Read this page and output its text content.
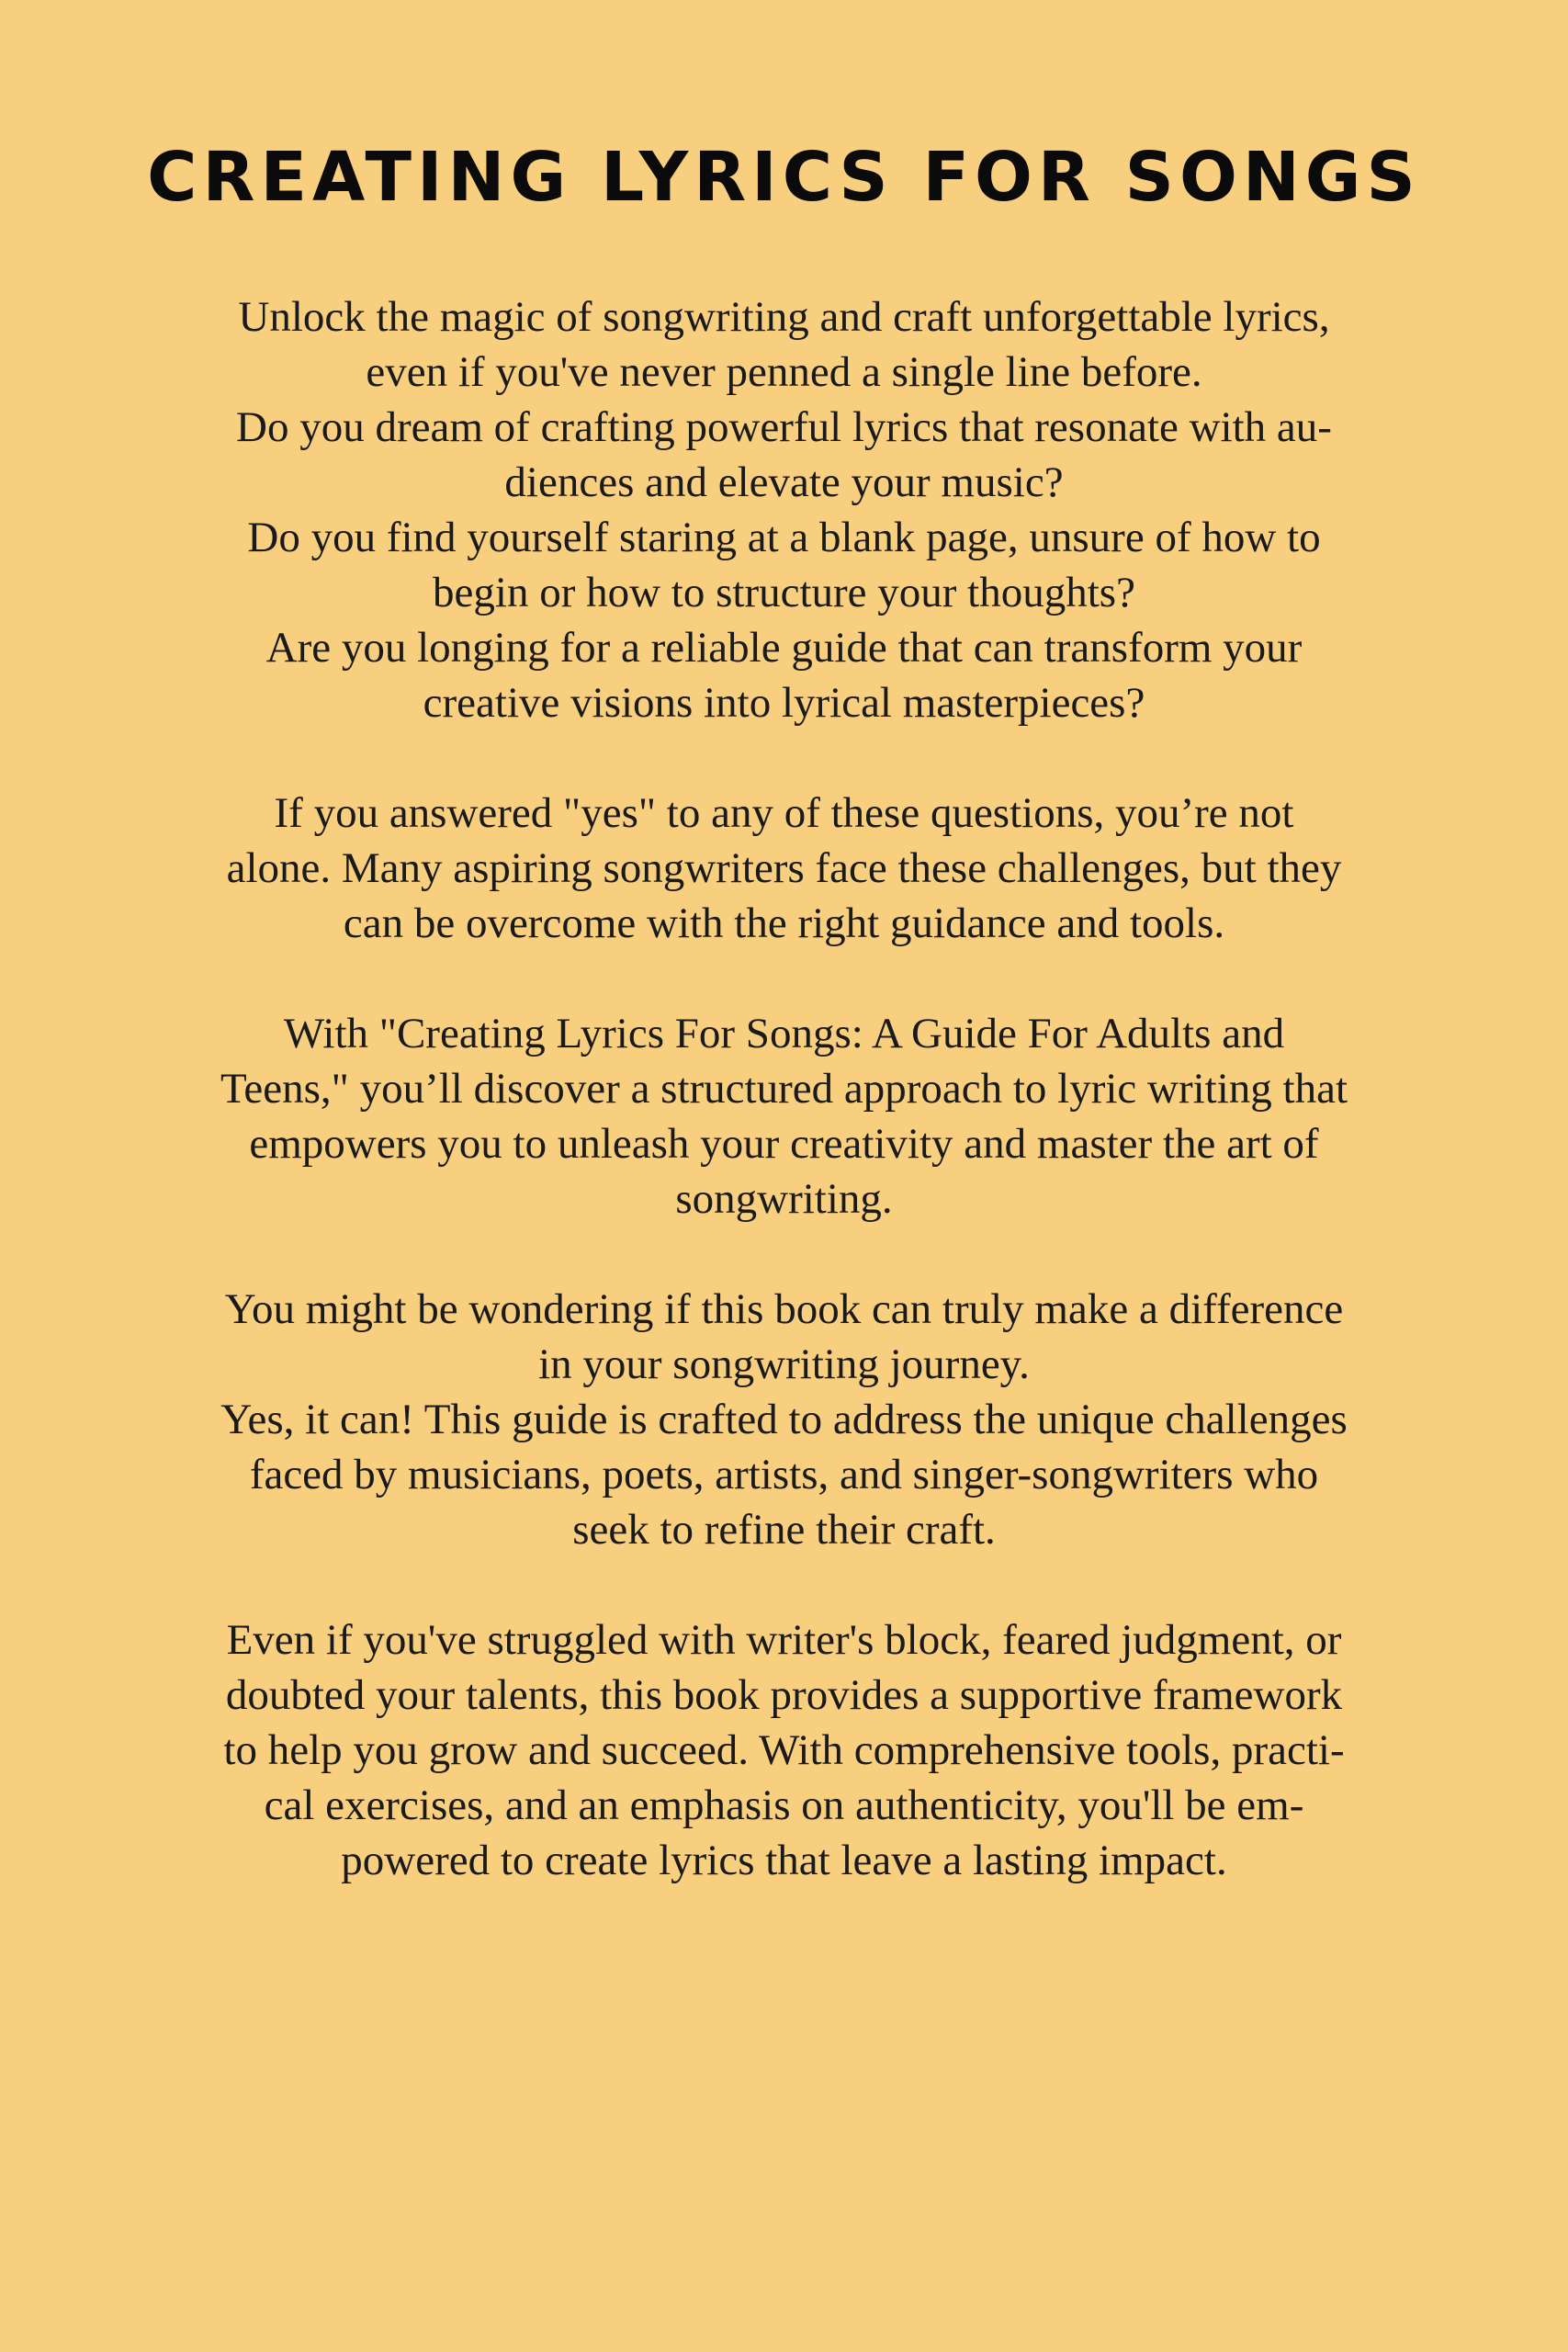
CREATING LYRICS FOR SONGS
Unlock the magic of songwriting and craft unforgettable lyrics,
even if you've never penned a single line before.
Do you dream of crafting powerful lyrics that resonate with au-
diences and elevate your music?
Do you find yourself staring at a blank page, unsure of how to
begin or how to structure your thoughts?
Are you longing for a reliable guide that can transform your
creative visions into lyrical masterpieces?
If you answered "yes" to any of these questions, you’re not
alone. Many aspiring songwriters face these challenges, but they
can be overcome with the right guidance and tools.
With "Creating Lyrics For Songs: A Guide For Adults and
Teens," you’ll discover a structured approach to lyric writing that
empowers you to unleash your creativity and master the art of
songwriting.
You might be wondering if this book can truly make a difference
in your songwriting journey.
Yes, it can! This guide is crafted to address the unique challenges
faced by musicians, poets, artists, and singer-songwriters who
seek to refine their craft.
Even if you've struggled with writer's block, feared judgment, or
doubted your talents, this book provides a supportive framework
to help you grow and succeed. With comprehensive tools, practi-
cal exercises, and an emphasis on authenticity, you'll be em-
powered to create lyrics that leave a lasting impact.
